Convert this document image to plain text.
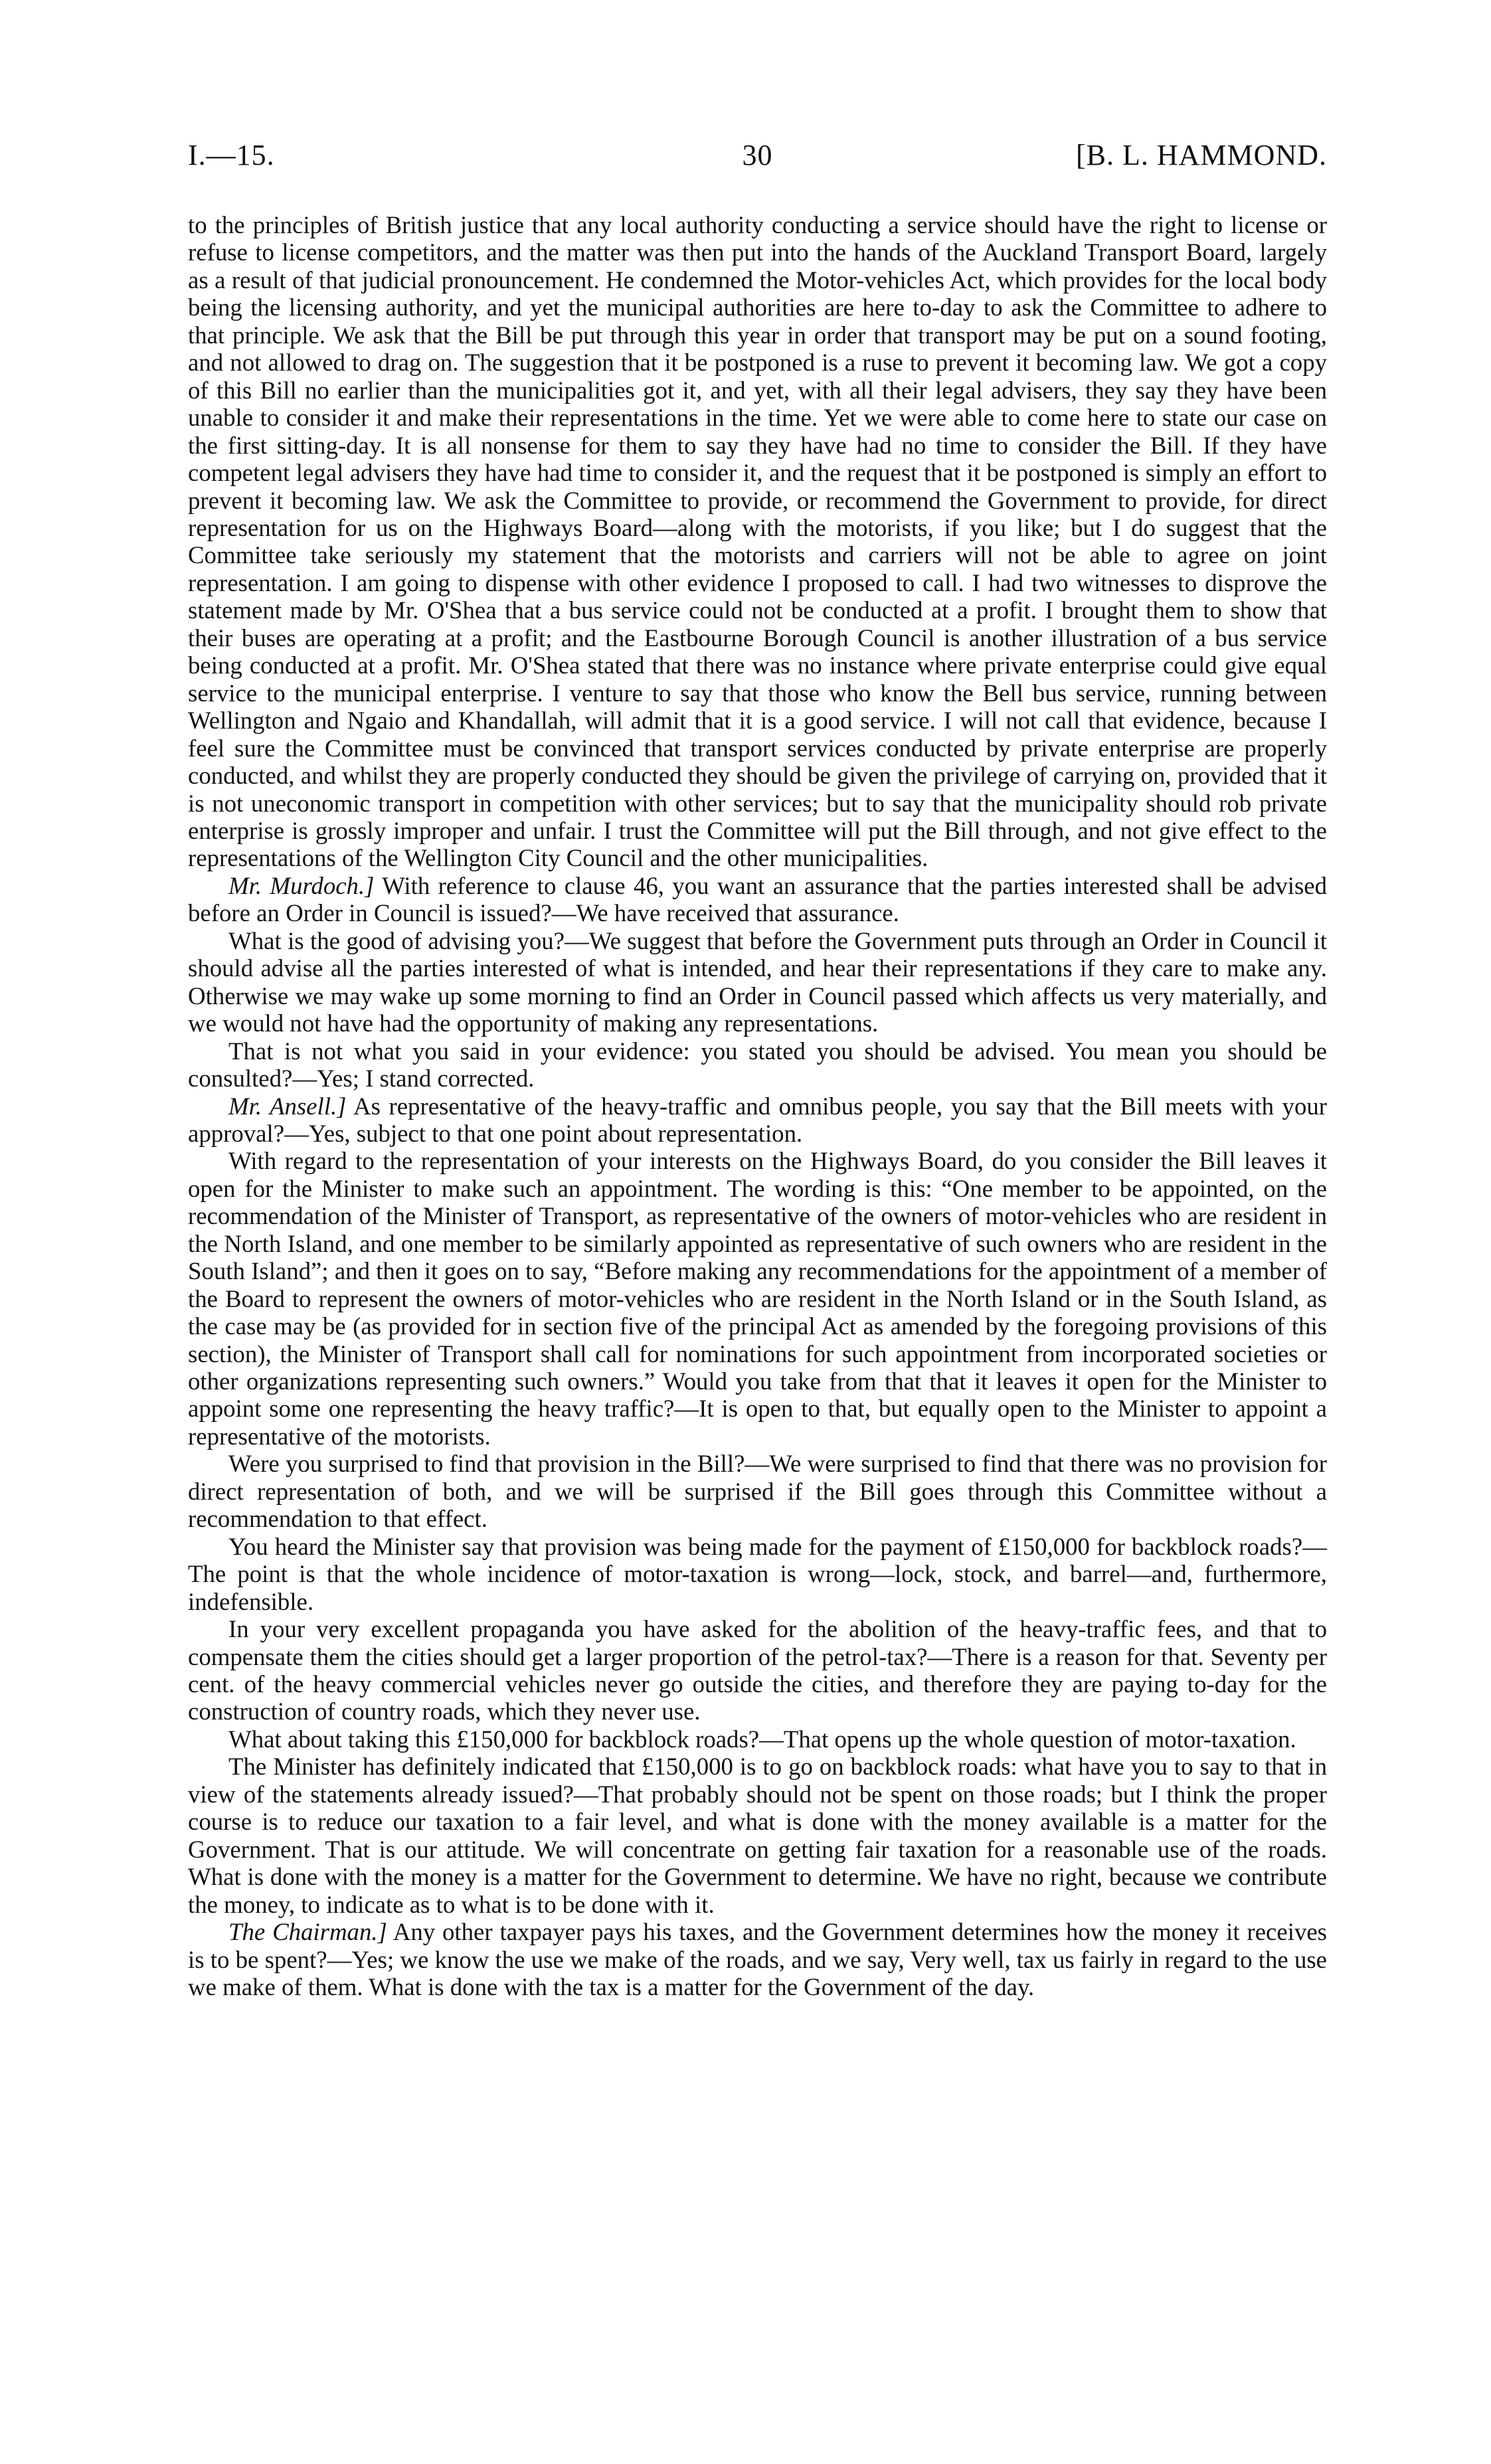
I.—15.	30	[B. L. HAMMOND.

to the principles of British justice that any local authority conducting a service should have the right to license or refuse to license competitors, and the matter was then put into the hands of the Auckland Transport Board, largely as a result of that judicial pronouncement. He condemned the Motor-vehicles Act, which provides for the local body being the licensing authority, and yet the municipal authorities are here to-day to ask the Committee to adhere to that principle. We ask that the Bill be put through this year in order that transport may be put on a sound footing, and not allowed to drag on. The suggestion that it be postponed is a ruse to prevent it becoming law. We got a copy of this Bill no earlier than the municipalities got it, and yet, with all their legal advisers, they say they have been unable to consider it and make their representations in the time. Yet we were able to come here to state our case on the first sitting-day. It is all nonsense for them to say they have had no time to consider the Bill. If they have competent legal advisers they have had time to consider it, and the request that it be postponed is simply an effort to prevent it becoming law. We ask the Committee to provide, or recommend the Government to provide, for direct representation for us on the Highways Board—along with the motorists, if you like; but I do suggest that the Committee take seriously my statement that the motorists and carriers will not be able to agree on joint representation. I am going to dispense with other evidence I proposed to call. I had two witnesses to disprove the statement made by Mr. O'Shea that a bus service could not be conducted at a profit. I brought them to show that their buses are operating at a profit; and the Eastbourne Borough Council is another illustration of a bus service being conducted at a profit. Mr. O'Shea stated that there was no instance where private enterprise could give equal service to the municipal enterprise. I venture to say that those who know the Bell bus service, running between Wellington and Ngaio and Khandallah, will admit that it is a good service. I will not call that evidence, because I feel sure the Committee must be convinced that transport services conducted by private enterprise are properly conducted, and whilst they are properly conducted they should be given the privilege of carrying on, provided that it is not uneconomic transport in competition with other services; but to say that the municipality should rob private enterprise is grossly improper and unfair. I trust the Committee will put the Bill through, and not give effect to the representations of the Wellington City Council and the other municipalities.

Mr. Murdoch.] With reference to clause 46, you want an assurance that the parties interested shall be advised before an Order in Council is issued?—We have received that assurance.

What is the good of advising you?—We suggest that before the Government puts through an Order in Council it should advise all the parties interested of what is intended, and hear their representations if they care to make any. Otherwise we may wake up some morning to find an Order in Council passed which affects us very materially, and we would not have had the opportunity of making any representations.

That is not what you said in your evidence: you stated you should be advised. You mean you should be consulted?—Yes; I stand corrected.

Mr. Ansell.] As representative of the heavy-traffic and omnibus people, you say that the Bill meets with your approval?—Yes, subject to that one point about representation.

With regard to the representation of your interests on the Highways Board, do you consider the Bill leaves it open for the Minister to make such an appointment. The wording is this: “One member to be appointed, on the recommendation of the Minister of Transport, as representative of the owners of motor-vehicles who are resident in the North Island, and one member to be similarly appointed as representative of such owners who are resident in the South Island”; and then it goes on to say, “Before making any recommendations for the appointment of a member of the Board to represent the owners of motor-vehicles who are resident in the North Island or in the South Island, as the case may be (as provided for in section five of the principal Act as amended by the foregoing provisions of this section), the Minister of Transport shall call for nominations for such appointment from incorporated societies or other organizations representing such owners.” Would you take from that that it leaves it open for the Minister to appoint some one representing the heavy traffic?—It is open to that, but equally open to the Minister to appoint a representative of the motorists.

Were you surprised to find that provision in the Bill?—We were surprised to find that there was no provision for direct representation of both, and we will be surprised if the Bill goes through this Committee without a recommendation to that effect.

You heard the Minister say that provision was being made for the payment of £150,000 for backblock roads?—The point is that the whole incidence of motor-taxation is wrong—lock, stock, and barrel—and, furthermore, indefensible.

In your very excellent propaganda you have asked for the abolition of the heavy-traffic fees, and that to compensate them the cities should get a larger proportion of the petrol-tax?—There is a reason for that. Seventy per cent. of the heavy commercial vehicles never go outside the cities, and therefore they are paying to-day for the construction of country roads, which they never use.

What about taking this £150,000 for backblock roads?—That opens up the whole question of motor-taxation.

The Minister has definitely indicated that £150,000 is to go on backblock roads: what have you to say to that in view of the statements already issued?—That probably should not be spent on those roads; but I think the proper course is to reduce our taxation to a fair level, and what is done with the money available is a matter for the Government. That is our attitude. We will concentrate on getting fair taxation for a reasonable use of the roads. What is done with the money is a matter for the Government to determine. We have no right, because we contribute the money, to indicate as to what is to be done with it.

The Chairman.] Any other taxpayer pays his taxes, and the Government determines how the money it receives is to be spent?—Yes; we know the use we make of the roads, and we say, Very well, tax us fairly in regard to the use we make of them. What is done with the tax is a matter for the Government of the day.
